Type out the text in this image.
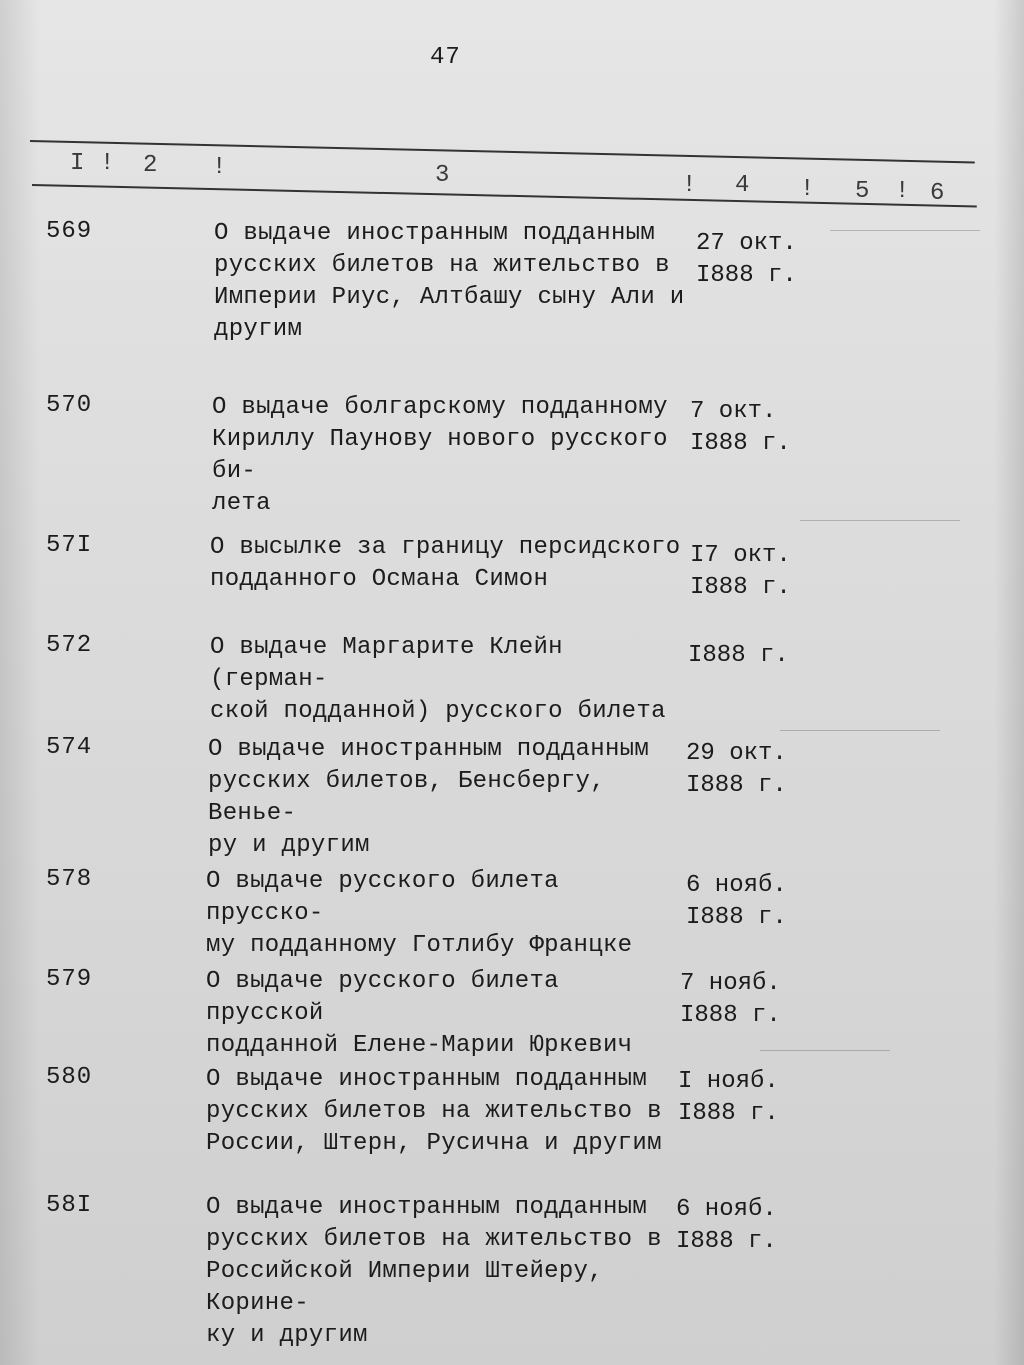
47
I ! 2 !	3	! 4 ! 5 ! 6
569	О выдаче иностранным подданным
русских билетов на жительство в
Империи Риус, Алтбашу сыну Али и
другим
27 окт.
I888 г.
570	О выдаче болгарскому подданному
Кириллу Паунову нового русского би-
лета
7 окт.
I888 г.
57I	О высылке за границу персидского
подданного Османа Симон
I7 окт.
I888 г.
572	О выдаче Маргарите Клейн (герман-
ской подданной) русского билета
I888 г.
574	О выдаче иностранным подданным
русских билетов, Бенсбергу, Веньe-
ру и другим
29 окт.
I888 г.
578	О выдаче русского билета прусско-
му подданному Готлибу Францке
6 нояб.
I888 г.
579	О выдаче русского билета прусской
подданной Елене-Марии Юркевич
7 нояб.
I888 г.
580	О выдаче иностранным подданным
русских билетов на жительство в
России, Штерн, Русична и другим
I нояб.
I888 г.
58I	О выдаче иностранным подданным
русских билетов на жительство в
Российской Империи Штейеру, Корине-
ку и другим
6 нояб.
I888 г.
